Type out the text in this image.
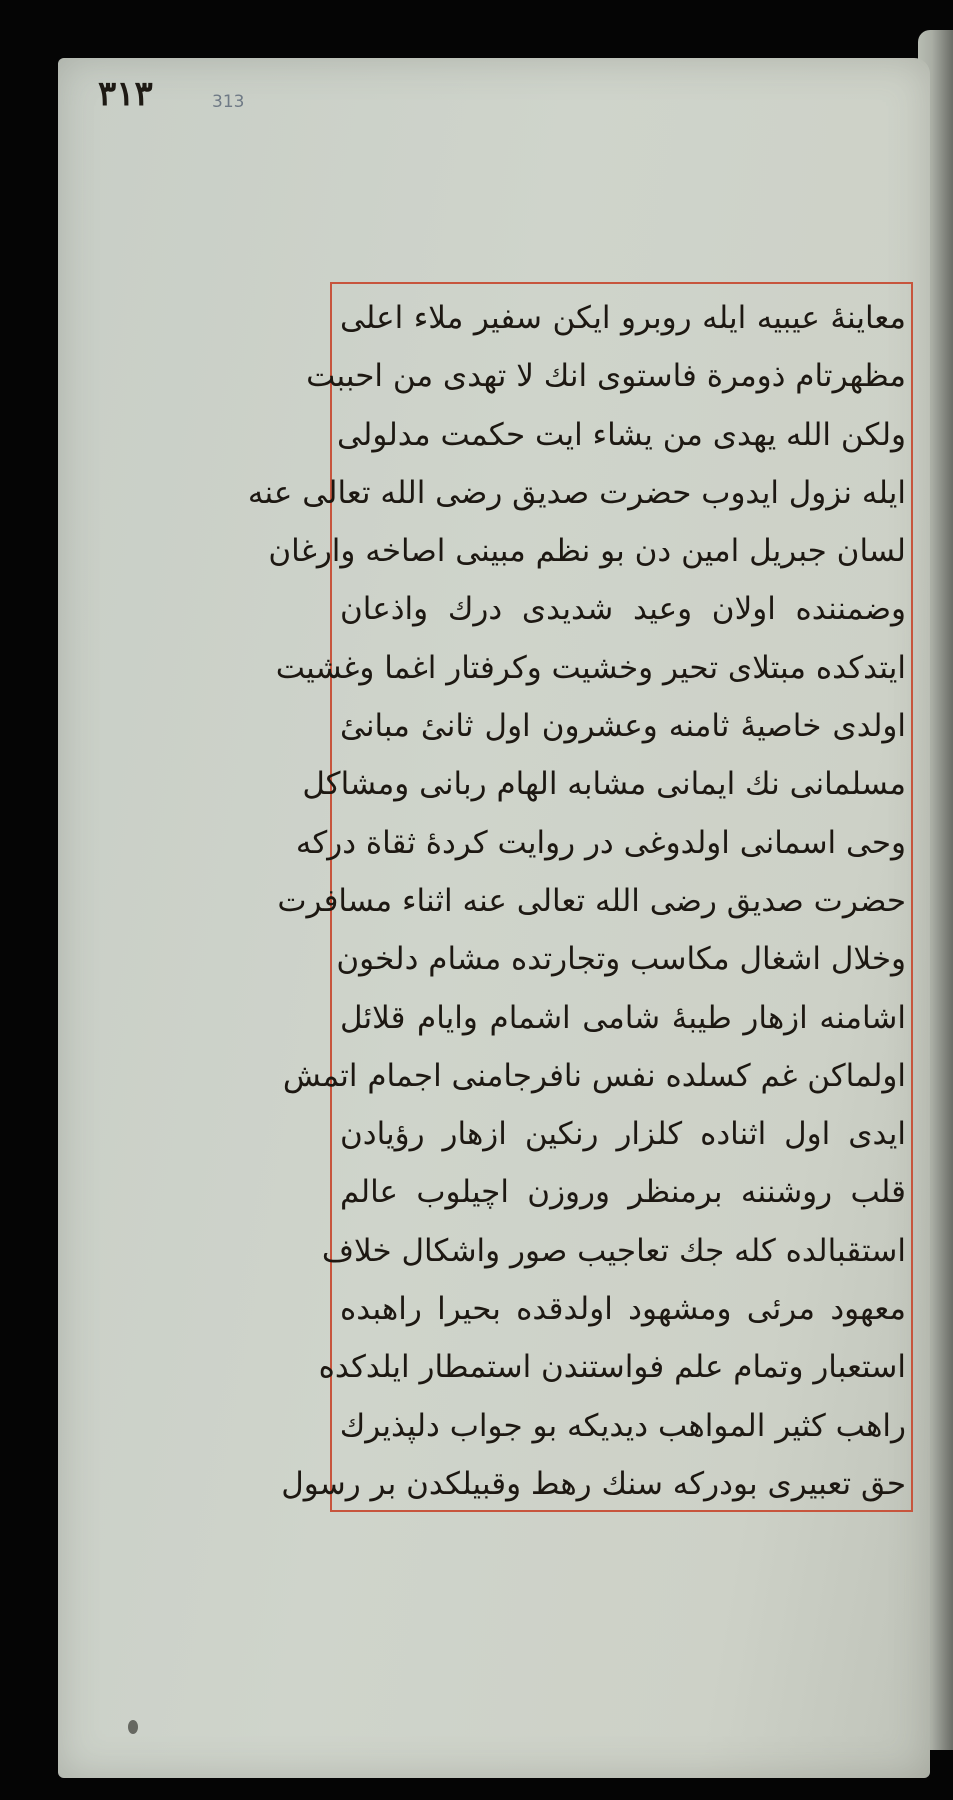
٣١٣	313
معاینهٔ عیبیه ایله روبرو ایکن سفیر ملاء اعلی
مظهرتام ذومرة فاستوی انك لا تهدی من احببت
ولکن الله یهدی من یشاء ایت حکمت مدلولی
ایله نزول ایدوب حضرت صدیق رضی الله تعالی عنه
لسان جبریل امین دن بو نظم مبینی اصاخه وارغان
وضمننده اولان وعید شدیدی درك واذعان
ایتدکده مبتلای تحیر وخشیت وکرفتار اغما وغشیت
اولدی خاصیهٔ ثامنه وعشرون اول ثانیٔ مبانیٔ
مسلمانی نك ایمانی مشابه الهام ربانی ومشاکل
وحی اسمانی اولدوغی در روایت کردهٔ ثقاة درکه
حضرت صدیق رضی الله تعالی عنه اثناء مسافرت
وخلال اشغال مکاسب وتجارتده مشام دلخون
اشامنه ازهار طیبهٔ شامی اشمام وایام قلائل
اولماکن غم کسلده نفس نافرجامنی اجمام اتمش
ایدی اول اثناده کلزار رنکین ازهار رؤیادن
قلب روشننه برمنظر وروزن اچیلوب عالم
استقبالده کله جك تعاجیب صور واشکال خلاف
معهود مرئی ومشهود اولدقده بحیرا راهبده
استعبار وتمام علم فواستندن استمطار ایلدکده
راهب کثیر المواهب دیدیکه بو جواب دلپذیرك
حق تعبیری بودرکه سنك رهط وقبیلکدن بر رسول
